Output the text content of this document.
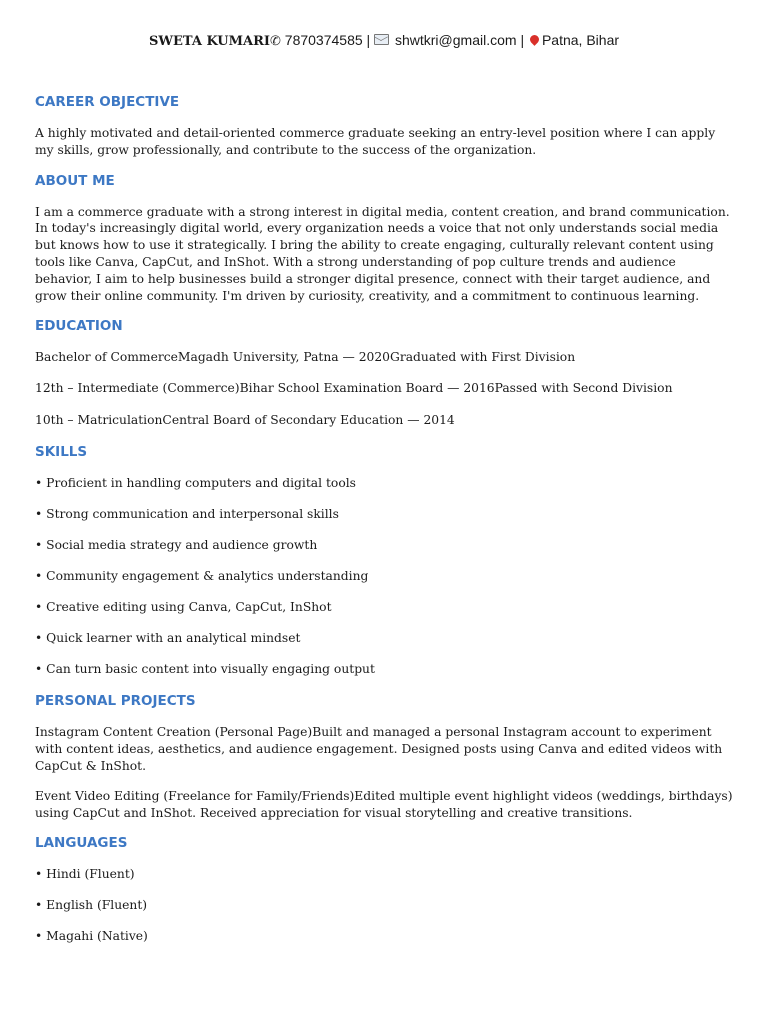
SWETA KUMARI✆ 7870374585 | shwtkri@gmail.com | Patna, Bihar
CAREER OBJECTIVE
A highly motivated and detail-oriented commerce graduate seeking an entry-level position where I can apply my skills, grow professionally, and contribute to the success of the organization.
ABOUT ME
I am a commerce graduate with a strong interest in digital media, content creation, and brand communication. In today's increasingly digital world, every organization needs a voice that not only understands social media but knows how to use it strategically. I bring the ability to create engaging, culturally relevant content using tools like Canva, CapCut, and InShot. With a strong understanding of pop culture trends and audience behavior, I aim to help businesses build a stronger digital presence, connect with their target audience, and grow their online community. I'm driven by curiosity, creativity, and a commitment to continuous learning.
EDUCATION
Bachelor of CommerceMagadh University, Patna — 2020Graduated with First Division
12th – Intermediate (Commerce)Bihar School Examination Board — 2016Passed with Second Division
10th – MatriculationCentral Board of Secondary Education — 2014
SKILLS
• Proficient in handling computers and digital tools
• Strong communication and interpersonal skills
• Social media strategy and audience growth
• Community engagement & analytics understanding
• Creative editing using Canva, CapCut, InShot
• Quick learner with an analytical mindset
• Can turn basic content into visually engaging output
PERSONAL PROJECTS
Instagram Content Creation (Personal Page)Built and managed a personal Instagram account to experiment with content ideas, aesthetics, and audience engagement. Designed posts using Canva and edited videos with CapCut & InShot.
Event Video Editing (Freelance for Family/Friends)Edited multiple event highlight videos (weddings, birthdays) using CapCut and InShot. Received appreciation for visual storytelling and creative transitions.
LANGUAGES
• Hindi (Fluent)
• English (Fluent)
• Magahi (Native)
